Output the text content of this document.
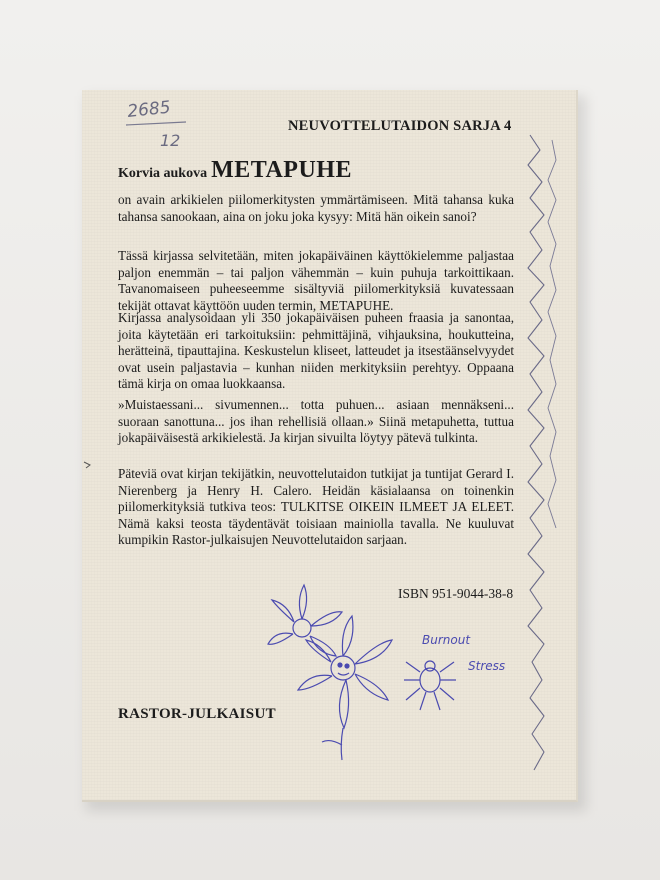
NEUVOTTELUTAIDON SARJA 4
Korvia aukova METAPUHE
on avain arkikielen piilomerkitysten ymmärtämiseen. Mitä tahansa kuka tahansa sanookaan, aina on joku joka kysyy: Mitä hän oikein sanoi?
Tässä kirjassa selvitetään, miten jokapäiväinen käyttökielemme paljastaa paljon enemmän – tai paljon vähemmän – kuin puhuja tarkoittikaan. Tavanomaiseen puheeseemme sisältyviä piilomerkityksiä kuvatessaan tekijät ottavat käyttöön uuden termin, METAPUHE.
Kirjassa analysoidaan yli 350 jokapäiväisen puheen fraasia ja sanontaa, joita käytetään eri tarkoituksiin: pehmittäjinä, vihjauksina, houkutteina, herätteinä, tipauttajina. Keskustelun kliseet, latteudet ja itsestäänselvyydet ovat usein paljastavia – kunhan niiden merkityksiin perehtyy. Oppaana tämä kirja on omaa luokkaansa.
»Muistaessani... sivumennen... totta puhuen... asiaan mennäkseni... suoraan sanottuna... jos ihan rehellisiä ollaan.» Siinä metapuhetta, tuttua jokapäiväisestä arkikielestä. Ja kirjan sivuilta löytyy pätevä tulkinta.
Päteviä ovat kirjan tekijätkin, neuvottelutaidon tutkijat ja tuntijat Gerard I. Nierenberg ja Henry H. Calero. Heidän käsialaansa on toinenkin piilomerkityksiä tutkiva teos: TULKITSE OIKEIN ILMEET JA ELEET. Nämä kaksi teosta täydentävät toisiaan mainiolla tavalla. Ne kuuluvat kumpikin Rastor-julkaisujen Neuvottelutaidon sarjaan.
ISBN 951-9044-38-8
RASTOR-JULKAISUT
2685
12
Burnout
Stress
